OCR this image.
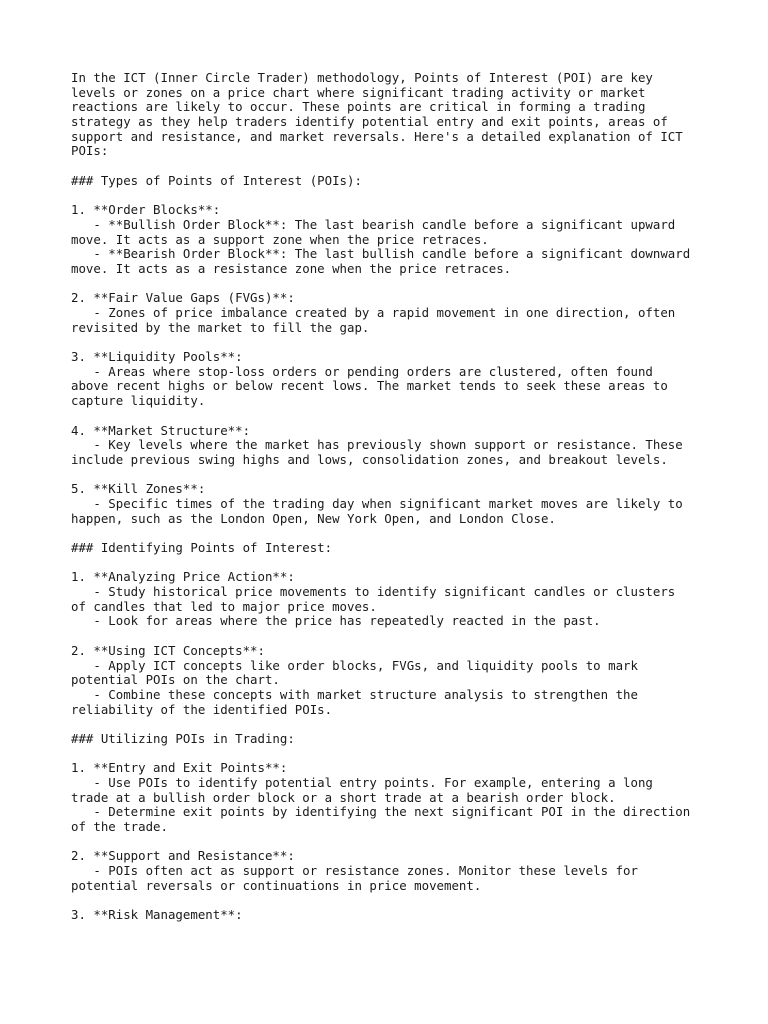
In the ICT (Inner Circle Trader) methodology, Points of Interest (POI) are key
levels or zones on a price chart where significant trading activity or market
reactions are likely to occur. These points are critical in forming a trading
strategy as they help traders identify potential entry and exit points, areas of
support and resistance, and market reversals. Here's a detailed explanation of ICT
POIs:
### Types of Points of Interest (POIs):
1. **Order Blocks**:
- **Bullish Order Block**: The last bearish candle before a significant upward
move. It acts as a support zone when the price retraces.
- **Bearish Order Block**: The last bullish candle before a significant downward
move. It acts as a resistance zone when the price retraces.
2. **Fair Value Gaps (FVGs)**:
- Zones of price imbalance created by a rapid movement in one direction, often
revisited by the market to fill the gap.
3. **Liquidity Pools**:
- Areas where stop-loss orders or pending orders are clustered, often found
above recent highs or below recent lows. The market tends to seek these areas to
capture liquidity.
4. **Market Structure**:
- Key levels where the market has previously shown support or resistance. These
include previous swing highs and lows, consolidation zones, and breakout levels.
5. **Kill Zones**:
- Specific times of the trading day when significant market moves are likely to
happen, such as the London Open, New York Open, and London Close.
### Identifying Points of Interest:
1. **Analyzing Price Action**:
- Study historical price movements to identify significant candles or clusters
of candles that led to major price moves.
- Look for areas where the price has repeatedly reacted in the past.
2. **Using ICT Concepts**:
- Apply ICT concepts like order blocks, FVGs, and liquidity pools to mark
potential POIs on the chart.
- Combine these concepts with market structure analysis to strengthen the
reliability of the identified POIs.
### Utilizing POIs in Trading:
1. **Entry and Exit Points**:
- Use POIs to identify potential entry points. For example, entering a long
trade at a bullish order block or a short trade at a bearish order block.
- Determine exit points by identifying the next significant POI in the direction
of the trade.
2. **Support and Resistance**:
- POIs often act as support or resistance zones. Monitor these levels for
potential reversals or continuations in price movement.
3. **Risk Management**:
